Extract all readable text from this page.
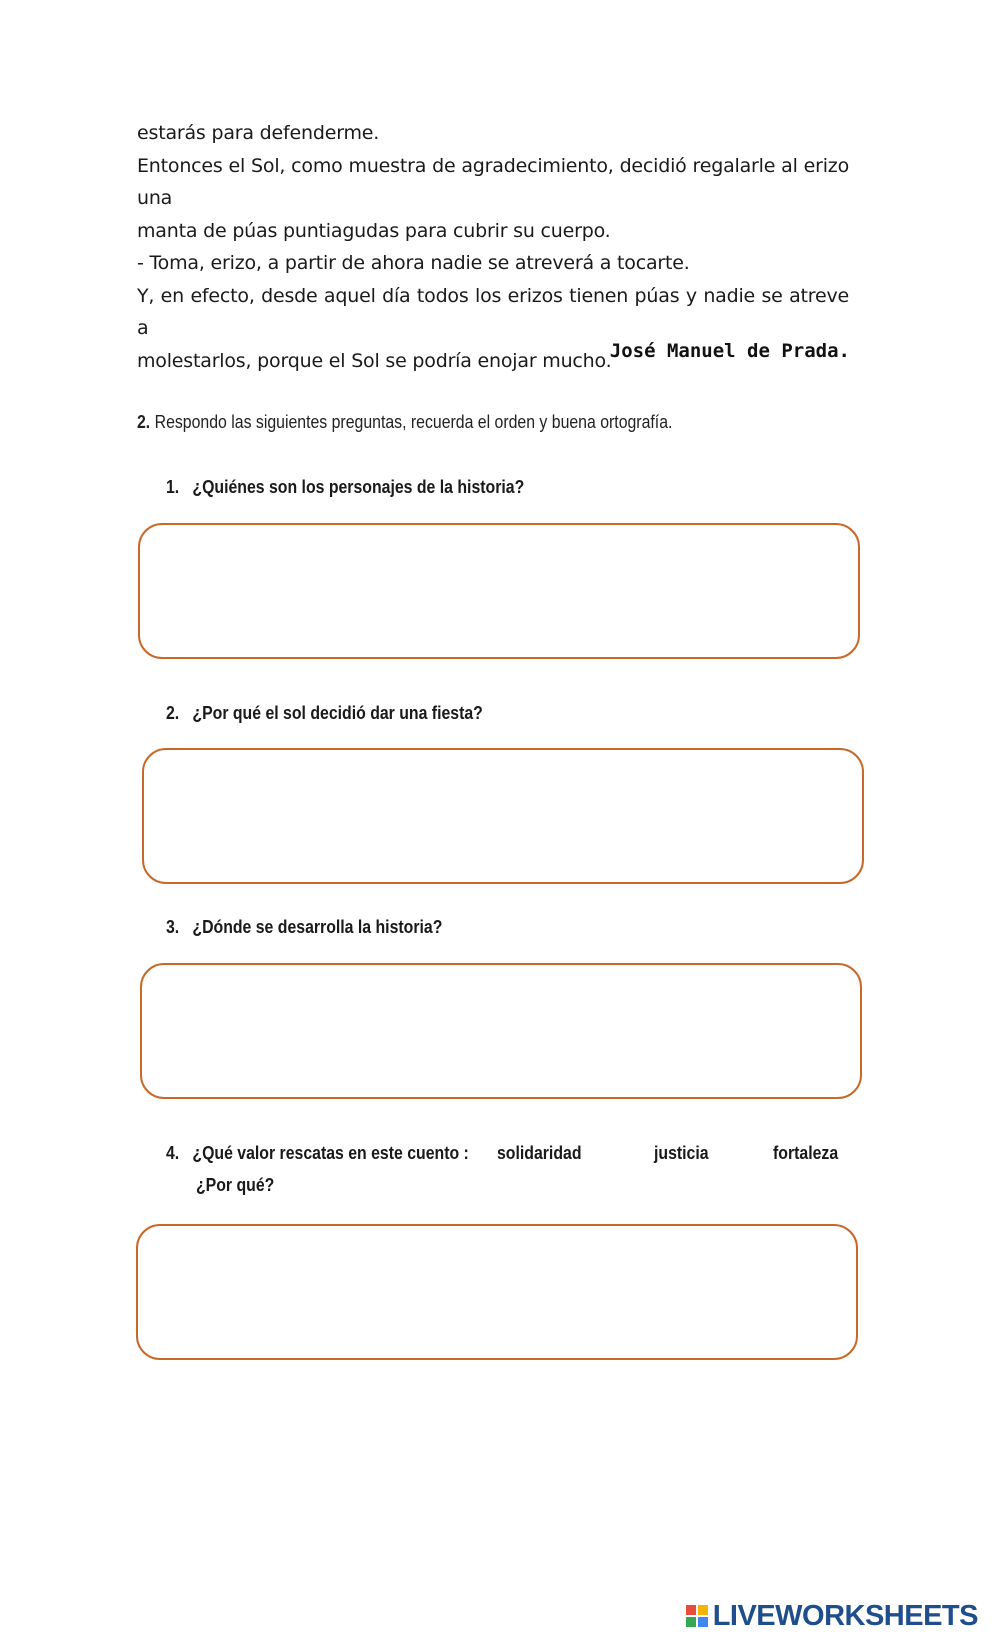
estarás para defenderme.

Entonces el Sol, como muestra de agradecimiento, decidió regalarle al erizo una

manta de púas puntiagudas para cubrir su cuerpo.

- Toma, erizo, a partir de ahora nadie se atreverá a tocarte.

Y, en efecto, desde aquel día todos los erizos tienen púas y nadie se atreve a

molestarlos, porque el Sol se podría enojar mucho.

José Manuel de Prada.
2. Respondo las siguientes preguntas, recuerda el orden y buena ortografía.
1. ¿Quiénes son los personajes de la historia?
2. ¿Por qué el sol decidió dar una fiesta?
3. ¿Dónde se desarrolla la historia?
4. ¿Qué valor rescatas en este cuento : solidaridad	justicia	fortaleza
¿Por qué?
LIVEWORKSHEETS
